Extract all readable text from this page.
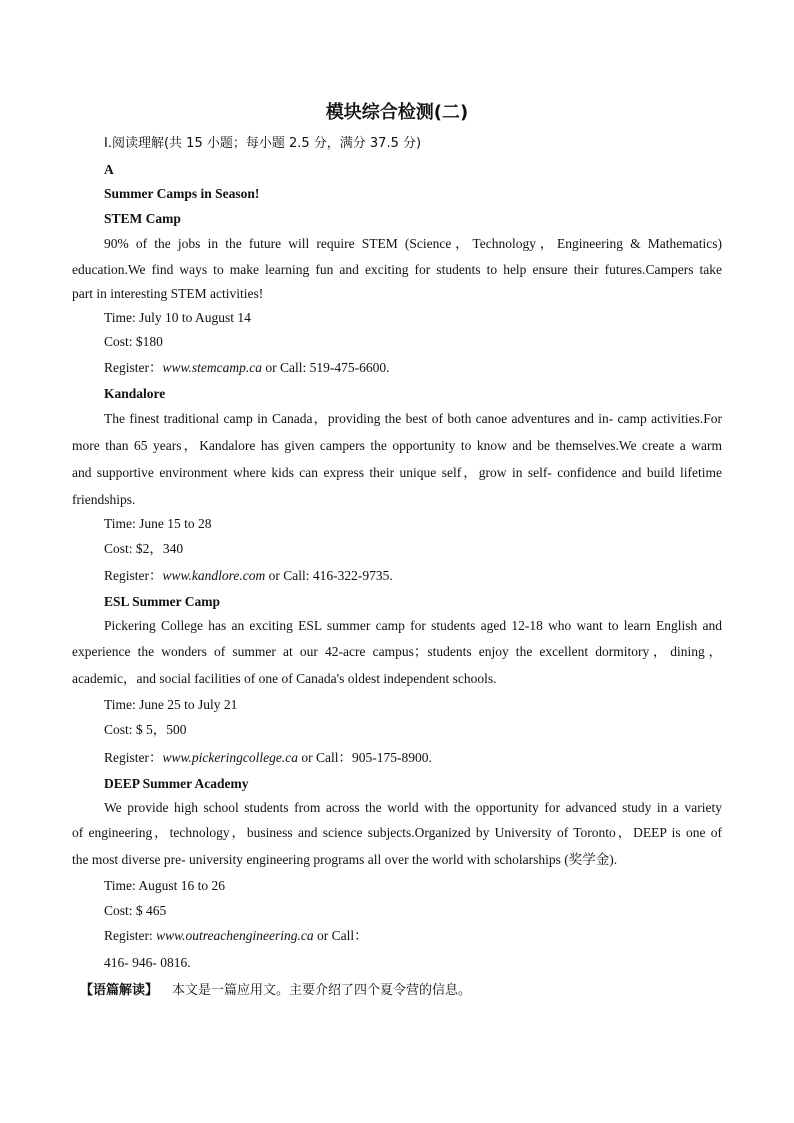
模块综合检测(二)
Ⅰ.阅读理解(共 15 小题；每小题 2.5 分，满分 37.5 分)
A
Summer Camps in Season!
STEM Camp
90% of the jobs in the future will require STEM (Science，Technology，Engineering & Mathematics)
education.We find ways to make learning fun and exciting for students to help ensure their futures.Campers take
part in interesting STEM activities!
Time: July 10 to August 14
Cost: $180
Register：www.stemcamp.ca or Call: 519-475-6600.
Kandalore
The finest traditional camp in Canada，providing the best of both canoe adventures and in- camp activities.For
more than 65 years，Kandalore has given campers the opportunity to know and be themselves.We create a warm
and supportive environment where kids can express their unique self，grow in self- confidence and build lifetime
friendships.
Time: June 15 to 28
Cost: $2，340
Register：www.kandlore.com or Call: 416-322-9735.
ESL Summer Camp
Pickering College has an exciting ESL summer camp for students aged 12-18 who want to learn English and
experience the wonders of summer at our 42-acre campus；students enjoy the excellent dormitory，dining，
academic，and social facilities of one of Canada's oldest independent schools.
Time: June 25 to July 21
Cost: $ 5，500
Register：www.pickeringcollege.ca or Call：905-175-8900.
DEEP Summer Academy
We provide high school students from across the world with the opportunity for advanced study in a variety
of engineering，technology，business and science subjects.Organized by University of Toronto，DEEP is one of
the most diverse pre- university engineering programs all over the world with scholarships (奖学金).
Time: August 16 to 26
Cost: $ 465
Register: www.outreachengineering.ca or Call：
416- 946- 0816.
【语篇解读】 本文是一篇应用文。主要介绍了四个夏令营的信息。
